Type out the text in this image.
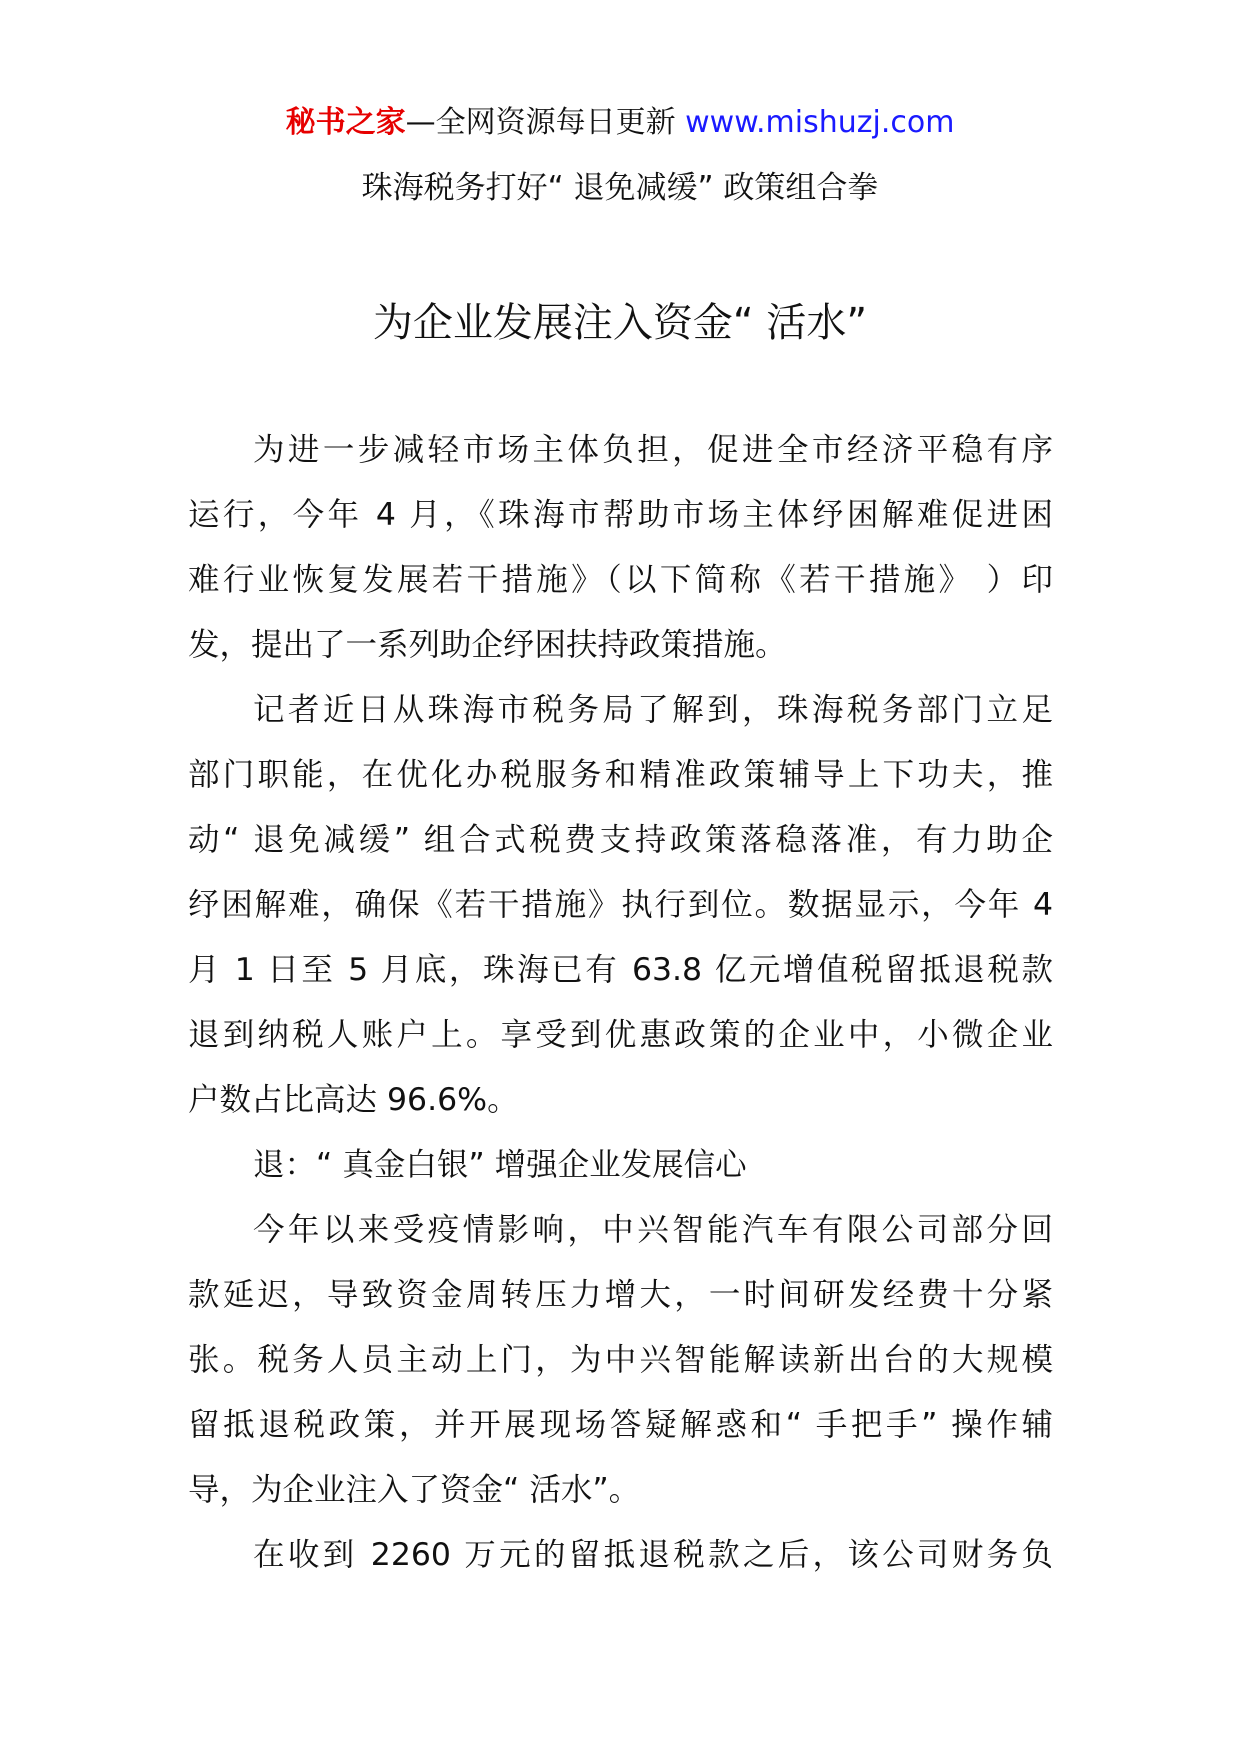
秘书之家—全网资源每日更新 www.mishuzj.com
珠海税务打好“ 退免减缓” 政策组合拳
为企业发展注入资金“ 活水”
为进一步减轻市场主体负担，促进全市经济平稳有序
运行，今年 4 月，《珠海市帮助市场主体纾困解难促进困
难行业恢复发展若干措施》（以下简称《若干措施》 ）印
发，提出了一系列助企纾困扶持政策措施。
记者近日从珠海市税务局了解到，珠海税务部门立足
部门职能，在优化办税服务和精准政策辅导上下功夫，推
动“ 退免减缓” 组合式税费支持政策落稳落准，有力助企
纾困解难，确保《若干措施》执行到位。数据显示，今年 4
月 1 日至 5 月底，珠海已有 63.8 亿元增值税留抵退税款
退到纳税人账户上。享受到优惠政策的企业中，小微企业
户数占比高达 96.6%。
退：“ 真金白银” 增强企业发展信心
今年以来受疫情影响，中兴智能汽车有限公司部分回
款延迟，导致资金周转压力增大，一时间研发经费十分紧
张。税务人员主动上门，为中兴智能解读新出台的大规模
留抵退税政策，并开展现场答疑解惑和“ 手把手” 操作辅
导，为企业注入了资金“ 活水”。
在收到 2260 万元的留抵退税款之后，该公司财务负
